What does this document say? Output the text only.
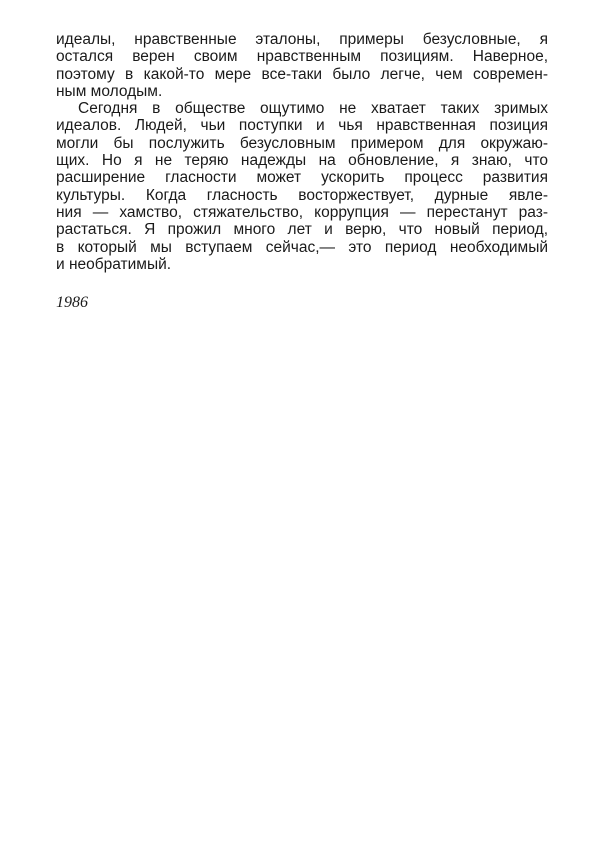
идеалы, нравственные эталоны, примеры безусловные, я
остался верен своим нравственным позициям. Наверное,
поэтому в какой-то мере все-таки было легче, чем современ-
ным молодым.
Сегодня в обществе ощутимо не хватает таких зримых
идеалов. Людей, чьи поступки и чья нравственная позиция
могли бы послужить безусловным примером для окружаю-
щих. Но я не теряю надежды на обновление, я знаю, что
расширение гласности может ускорить процесс развития
культуры. Когда гласность восторжествует, дурные явле-
ния — хамство, стяжательство, коррупция — перестанут раз-
растаться. Я прожил много лет и верю, что новый период,
в который мы вступаем сейчас,— это период необходимый
и необратимый.
1986
